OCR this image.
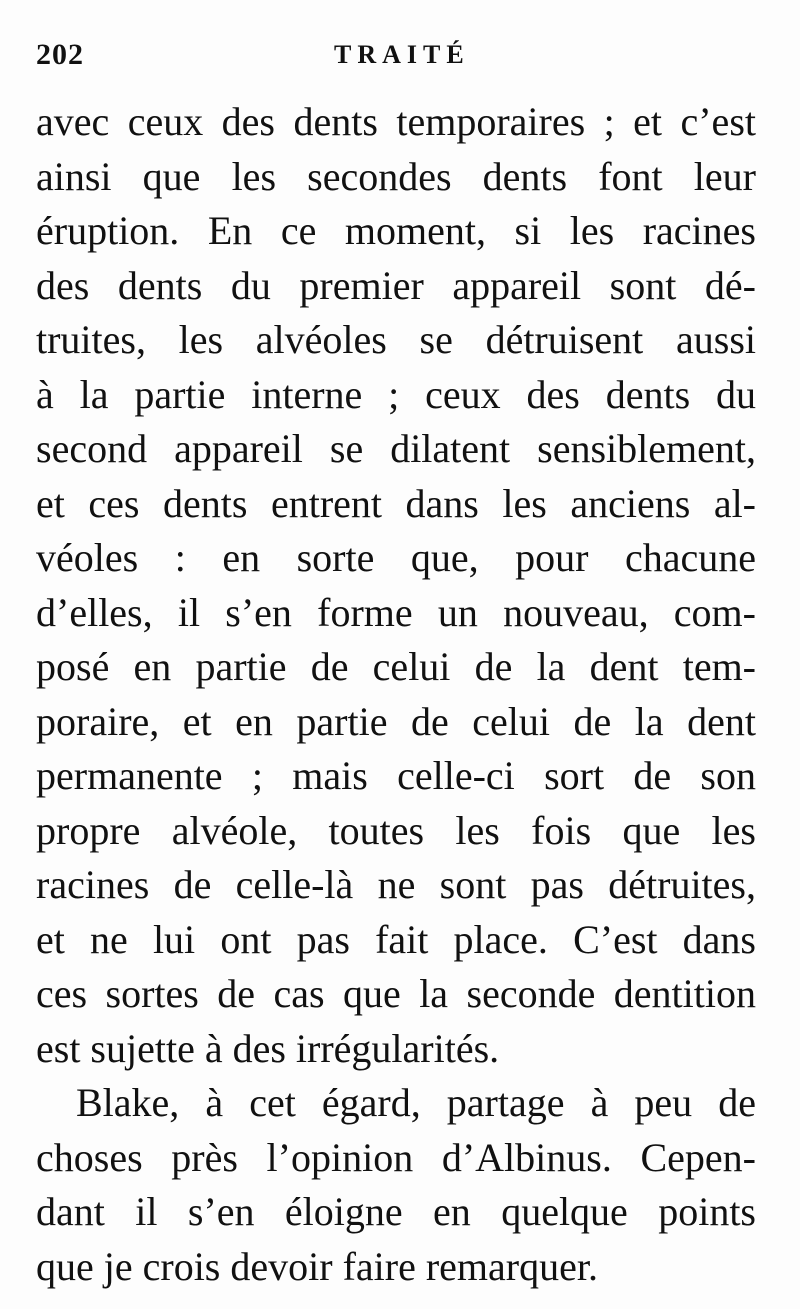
202	TRAITÉ
avec ceux des dents temporaires ; et c’est
ainsi que les secondes dents font leur
éruption. En ce moment, si les racines
des dents du premier appareil sont dé-
truites, les alvéoles se détruisent aussi
à la partie interne ; ceux des dents du
second appareil se dilatent sensiblement,
et ces dents entrent dans les anciens al-
véoles : en sorte que, pour chacune
d’elles, il s’en forme un nouveau, com-
posé en partie de celui de la dent tem-
poraire, et en partie de celui de la dent
permanente ; mais celle-ci sort de son
propre alvéole, toutes les fois que les
racines de celle-là ne sont pas détruites,
et ne lui ont pas fait place. C’est dans
ces sortes de cas que la seconde dentition
est sujette à des irrégularités.
Blake, à cet égard, partage à peu de
choses près l’opinion d’Albinus. Cepen-
dant il s’en éloigne en quelque points
que je crois devoir faire remarquer.
